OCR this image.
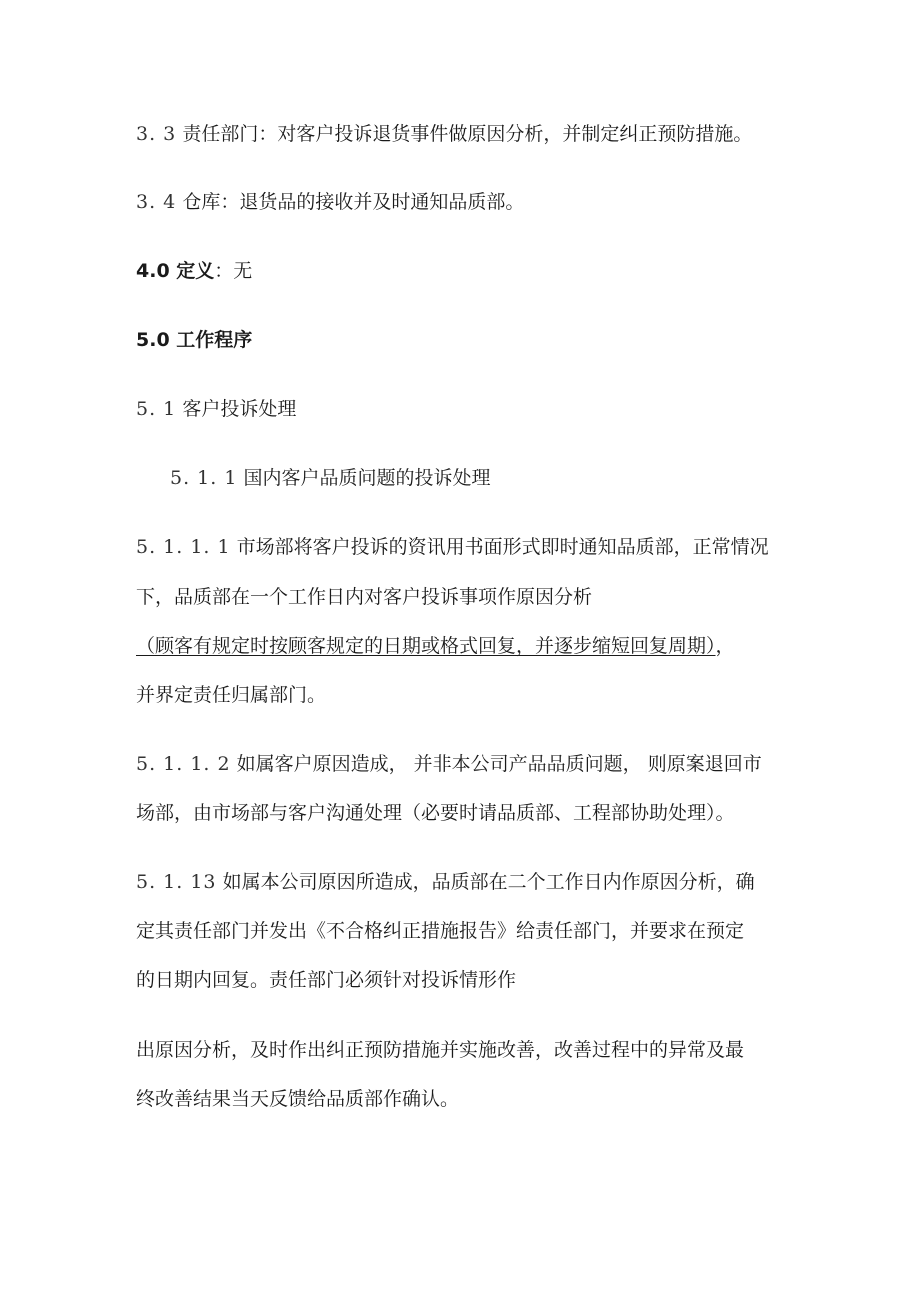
3. 3 责任部门：对客户投诉退货事件做原因分析，并制定纠正预防措施。
3. 4 仓库：退货品的接收并及时通知品质部。
4.0 定义：无
5.0 工作程序
5. 1 客户投诉处理
5. 1. 1 国内客户品质问题的投诉处理
5. 1. 1. 1 市场部将客户投诉的资讯用书面形式即时通知品质部，正常情况
下，品质部在一个工作日内对客户投诉事项作原因分析
（顾客有规定时按顾客规定的日期或格式回复，并逐步缩短回复周期），
并界定责任归属部门。
5. 1. 1. 2 如属客户原因造成， 并非本公司产品品质问题， 则原案退回市
场部，由市场部与客户沟通处理（必要时请品质部、工程部协助处理）。
5. 1. 13 如属本公司原因所造成，品质部在二个工作日内作原因分析，确
定其责任部门并发出《不合格纠正措施报告》给责任部门，并要求在预定
的日期内回复。责任部门必须针对投诉情形作
出原因分析，及时作出纠正预防措施并实施改善，改善过程中的异常及最
终改善结果当天反馈给品质部作确认。
